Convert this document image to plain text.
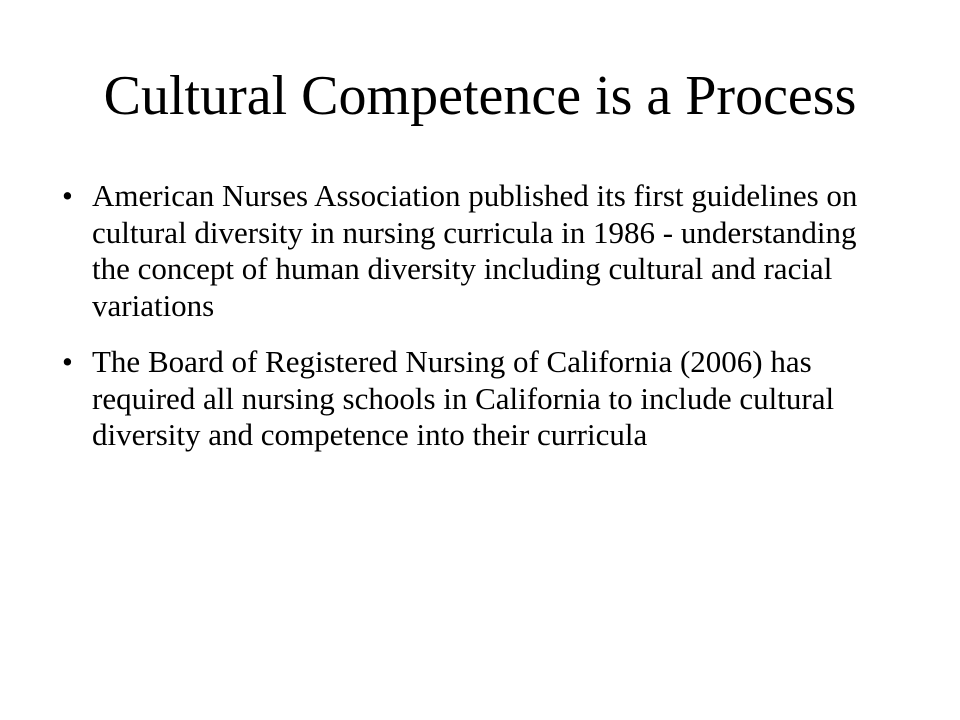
Cultural Competence is a Process
• American Nurses Association published its first guidelines on cultural diversity in nursing curricula in 1986 - understanding the concept of human diversity including cultural and racial variations
• The Board of Registered Nursing of California (2006) has required all nursing schools in California to include cultural diversity and competence into their curricula
